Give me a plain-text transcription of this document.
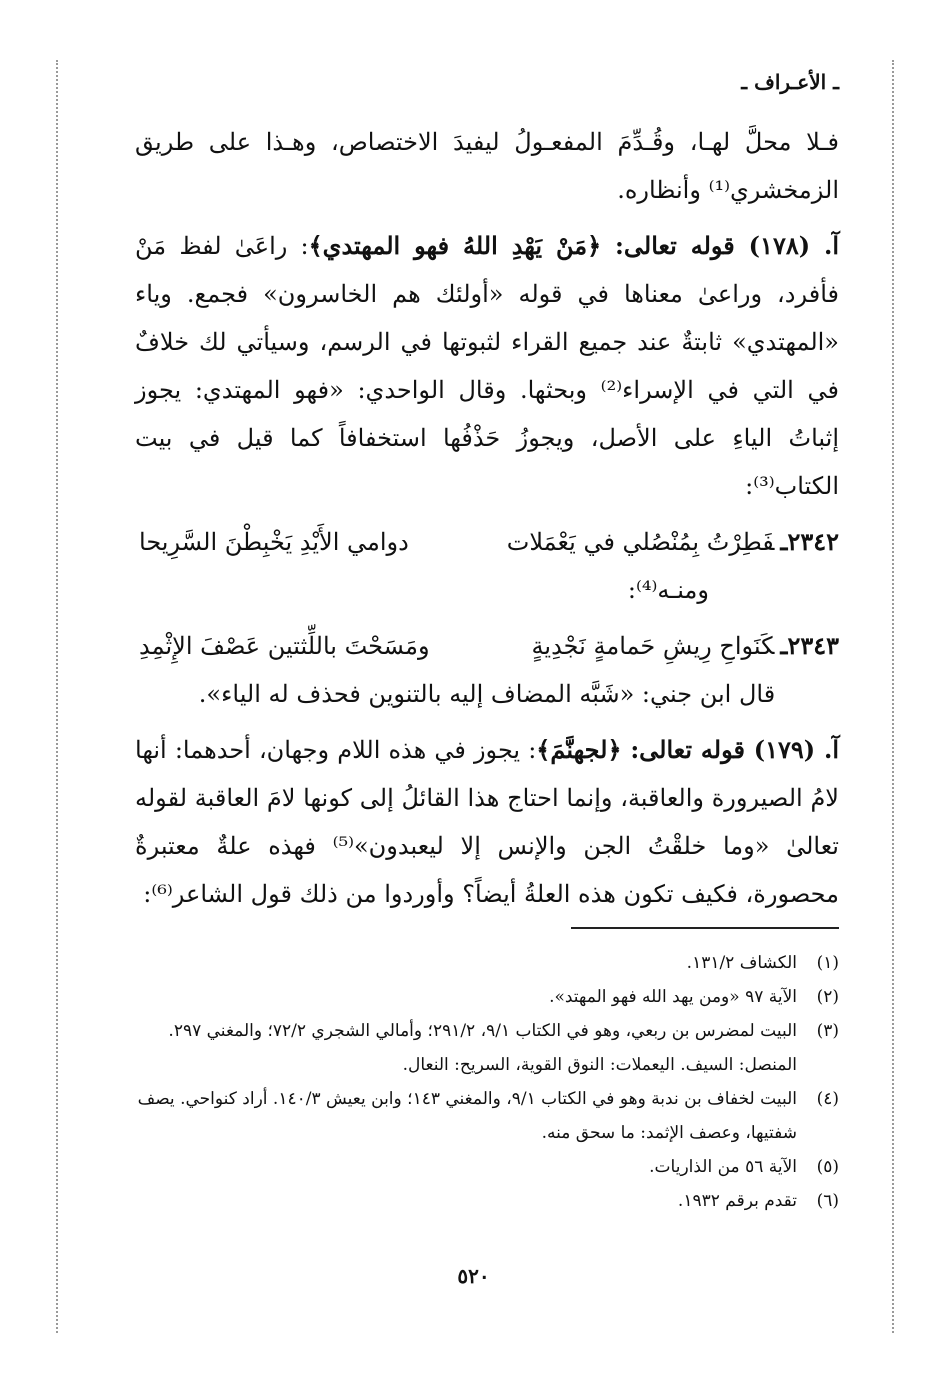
ـ الأعـراف ـ

فـلا محلَّ لهـا، وقُـدِّمَ المفعـولُ ليفيدَ الاختصاص، وهـذا على طريق الزمخشري⁽¹⁾ وأنظاره.

آ. (١٧٨) قوله تعالى: ﴿مَنْ يَهْدِ اللهُ فهو المهتدي﴾: راعَىٰ لفظ مَنْ فأفرد، وراعىٰ معناها في قوله «أولئك هم الخاسرون» فجمع. وياء «المهتدي» ثابتةٌ عند جميع القراء لثبوتها في الرسم، وسيأتي لك خلافٌ في التي في الإسراء⁽²⁾ وبحثها. وقال الواحدي: «فهو المهتدي: يجوز إثباتُ الياءِ على الأصل، ويجوزُ حَذْفُها استخفافاً كما قيل في بيت الكتاب⁽³⁾:

٢٣٤٢ـفَطِرْتُ بِمُنْصُلي في يَعْمَلات
دوامي الأَيْدِ يَخْبِطْنَ السَّرِيحا

ومنـه⁽⁴⁾:

٢٣٤٣ـكَنَواحِ رِيشِ حَمامةٍ نَجْدِيةٍ
ومَسَحْتَ باللِّثتين عَصْفَ الإِثْمِدِ

قال ابن جني: «شَبَّه المضاف إليه بالتنوين فحذف له الياء».

آ. (١٧٩) قوله تعالى: ﴿لجهنَّمَ﴾: يجوز في هذه اللام وجهان، أحدهما: أنها لامُ الصيرورة والعاقبة، وإنما احتاج هذا القائلُ إلى كونها لامَ العاقبة لقوله تعالىٰ «وما خلقْتُ الجن والإنس إلا ليعبدون»⁽⁵⁾ فهذه علةٌ معتبرةٌ محصورة، فكيف تكون هذه العلةُ أيضاً؟ وأوردوا من ذلك قول الشاعر⁽⁶⁾:

(١)
الكشاف ١٣١/٢.
(٢)
الآية ٩٧ «ومن يهد الله فهو المهتد».
(٣)
البيت لمضرس بن ربعي، وهو في الكتاب ٩/١، ٢٩١/٢؛ وأمالي الشجري ٧٢/٢؛ والمغني ٢٩٧. المنصل: السيف. اليعملات: النوق القوية، السريح: النعال.
(٤)
البيت لخفاف بن ندبة وهو في الكتاب ٩/١، والمغني ١٤٣؛ وابن يعيش ١٤٠/٣. أراد كنواحي. يصف شفتيها، وعصف الإثمد: ما سحق منه.
(٥)
الآية ٥٦ من الذاريات.
(٦)
تقدم برقم ١٩٣٢.
٥٢٠
